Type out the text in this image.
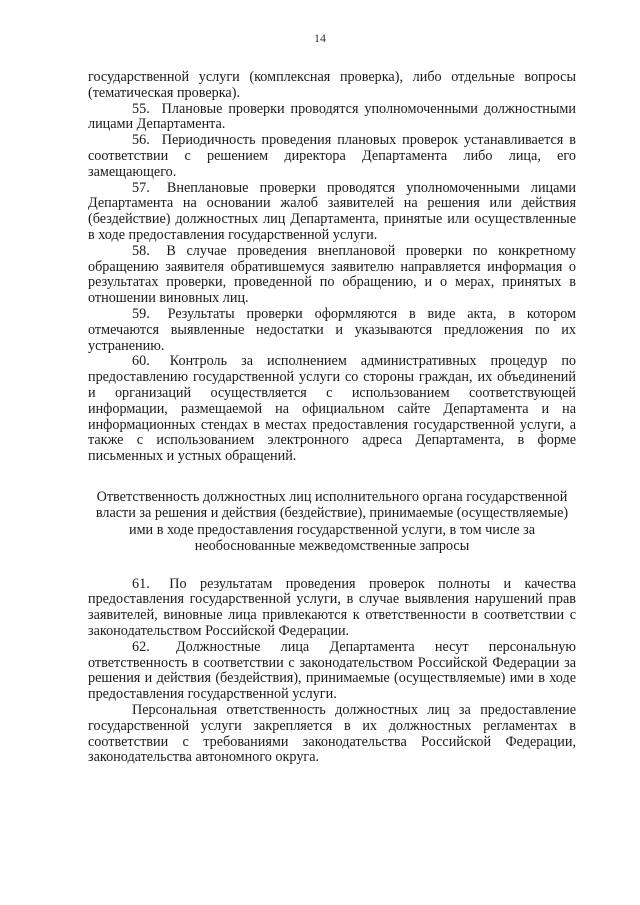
14

государственной услуги (комплексная проверка), либо отдельные вопросы (тематическая проверка).

55. Плановые проверки проводятся уполномоченными должностными лицами Департамента.

56. Периодичность проведения плановых проверок устанавливается в соответствии с решением директора Департамента либо лица, его замещающего.

57. Внеплановые проверки проводятся уполномоченными лицами Департамента на основании жалоб заявителей на решения или действия (бездействие) должностных лиц Департамента, принятые или осуществленные в ходе предоставления государственной услуги.

58. В случае проведения внеплановой проверки по конкретному обращению заявителя обратившемуся заявителю направляется информация о результатах проверки, проведенной по обращению, и о мерах, принятых в отношении виновных лиц.

59. Результаты проверки оформляются в виде акта, в котором отмечаются выявленные недостатки и указываются предложения по их устранению.

60. Контроль за исполнением административных процедур по предоставлению государственной услуги со стороны граждан, их объединений и организаций осуществляется с использованием соответствующей информации, размещаемой на официальном сайте Департамента и на информационных стендах в местах предоставления государственной услуги, а также с использованием электронного адреса Департамента, в форме письменных и устных обращений.

Ответственность должностных лиц исполнительного органа государственной власти за решения и действия (бездействие), принимаемые (осуществляемые) ими в ходе предоставления государственной услуги, в том числе за необоснованные межведомственные запросы

61. По результатам проведения проверок полноты и качества предоставления государственной услуги, в случае выявления нарушений прав заявителей, виновные лица привлекаются к ответственности в соответствии с законодательством Российской Федерации.

62. Должностные лица Департамента несут персональную ответственность в соответствии с законодательством Российской Федерации за решения и действия (бездействия), принимаемые (осуществляемые) ими в ходе предоставления государственной услуги.

Персональная ответственность должностных лиц за предоставление государственной услуги закрепляется в их должностных регламентах в соответствии с требованиями законодательства Российской Федерации, законодательства автономного округа.
